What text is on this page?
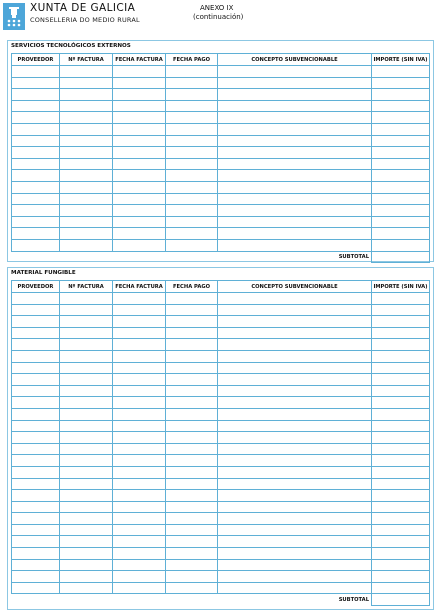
XUNTA DE GALICIA
CONSELLERIA DO MEDIO RURAL
ANEXO IX
(continuación)
SERVICIOS TECNOLÓGICOS EXTERNOS
PROVEEDOR	Nº FACTURA	FECHA FACTURA	FECHA PAGO	CONCEPTO SUBVENCIONABLE	IMPORTE (SIN IVA)

SUBTOTAL					
MATERIAL FUNGIBLE
PROVEEDOR	Nº FACTURA	FECHA FACTURA	FECHA PAGO	CONCEPTO SUBVENCIONABLE	IMPORTE (SIN IVA)

SUBTOTAL					
